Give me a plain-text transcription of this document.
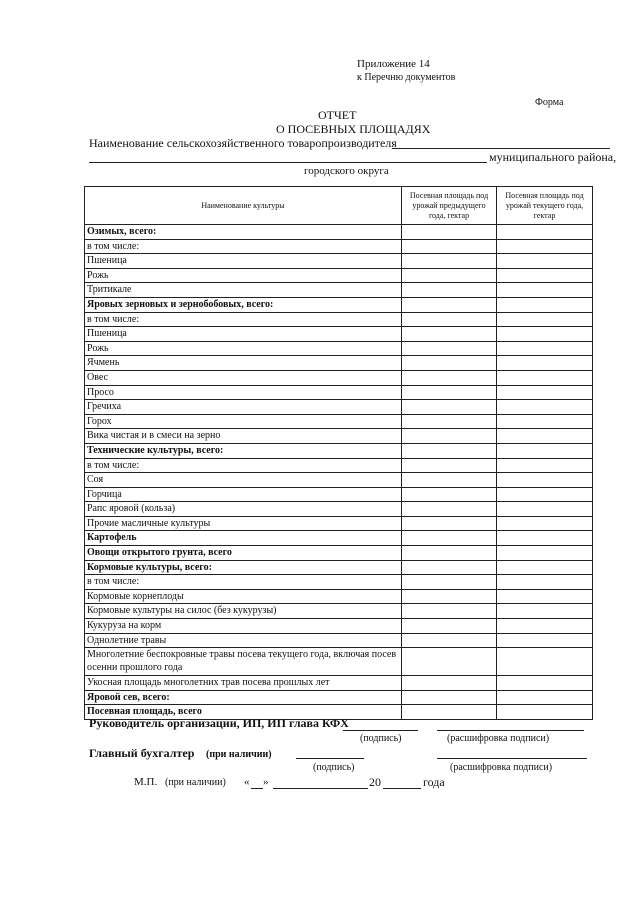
Приложение 14
к Перечню документов
Форма
ОТЧЕТ
О ПОСЕВНЫХ ПЛОЩАДЯХ
Наименование сельскохозяйственного товаропроизводителя
муниципального района,
городского округа
Наименование культуры	Посевная площадь под урожай предыдущего года, гектар	Посевная площадь под урожай текущего года, гектар
Озимых, всего:		
в том числе:		
Пшеница		
Рожь		
Тритикале		
Яровых зерновых и зернобобовых, всего:		
в том числе:		
Пшеница		
Рожь		
Ячмень		
Овес		
Просо		
Гречиха		
Горох		
Вика чистая и в смеси на зерно		
Технические культуры, всего:		
в том числе:		
Соя		
Горчица		
Рапс яровой (кольза)		
Прочие масличные культуры		
Картофель		
Овощи открытого грунта, всего		
Кормовые культуры, всего:		
в том числе:		
Кормовые корнеплоды		
Кормовые культуры на силос (без кукурузы)		
Кукуруза на корм		
Однолетние травы		
Многолетние беспокровные травы посева текущего года, включая посев осенни прошлого года		
Укосная площадь многолетних трав посева прошлых лет		
Яровой сев, всего:		
Посевная площадь, всего		
Руководитель организации, ИП, ИП глава КФХ
(подпись)	(расшифровка подписи)
Главный бухгалтер (при наличии)
(подпись)	(расшифровка подписи)
М.П. (при наличии) « »	20	года
